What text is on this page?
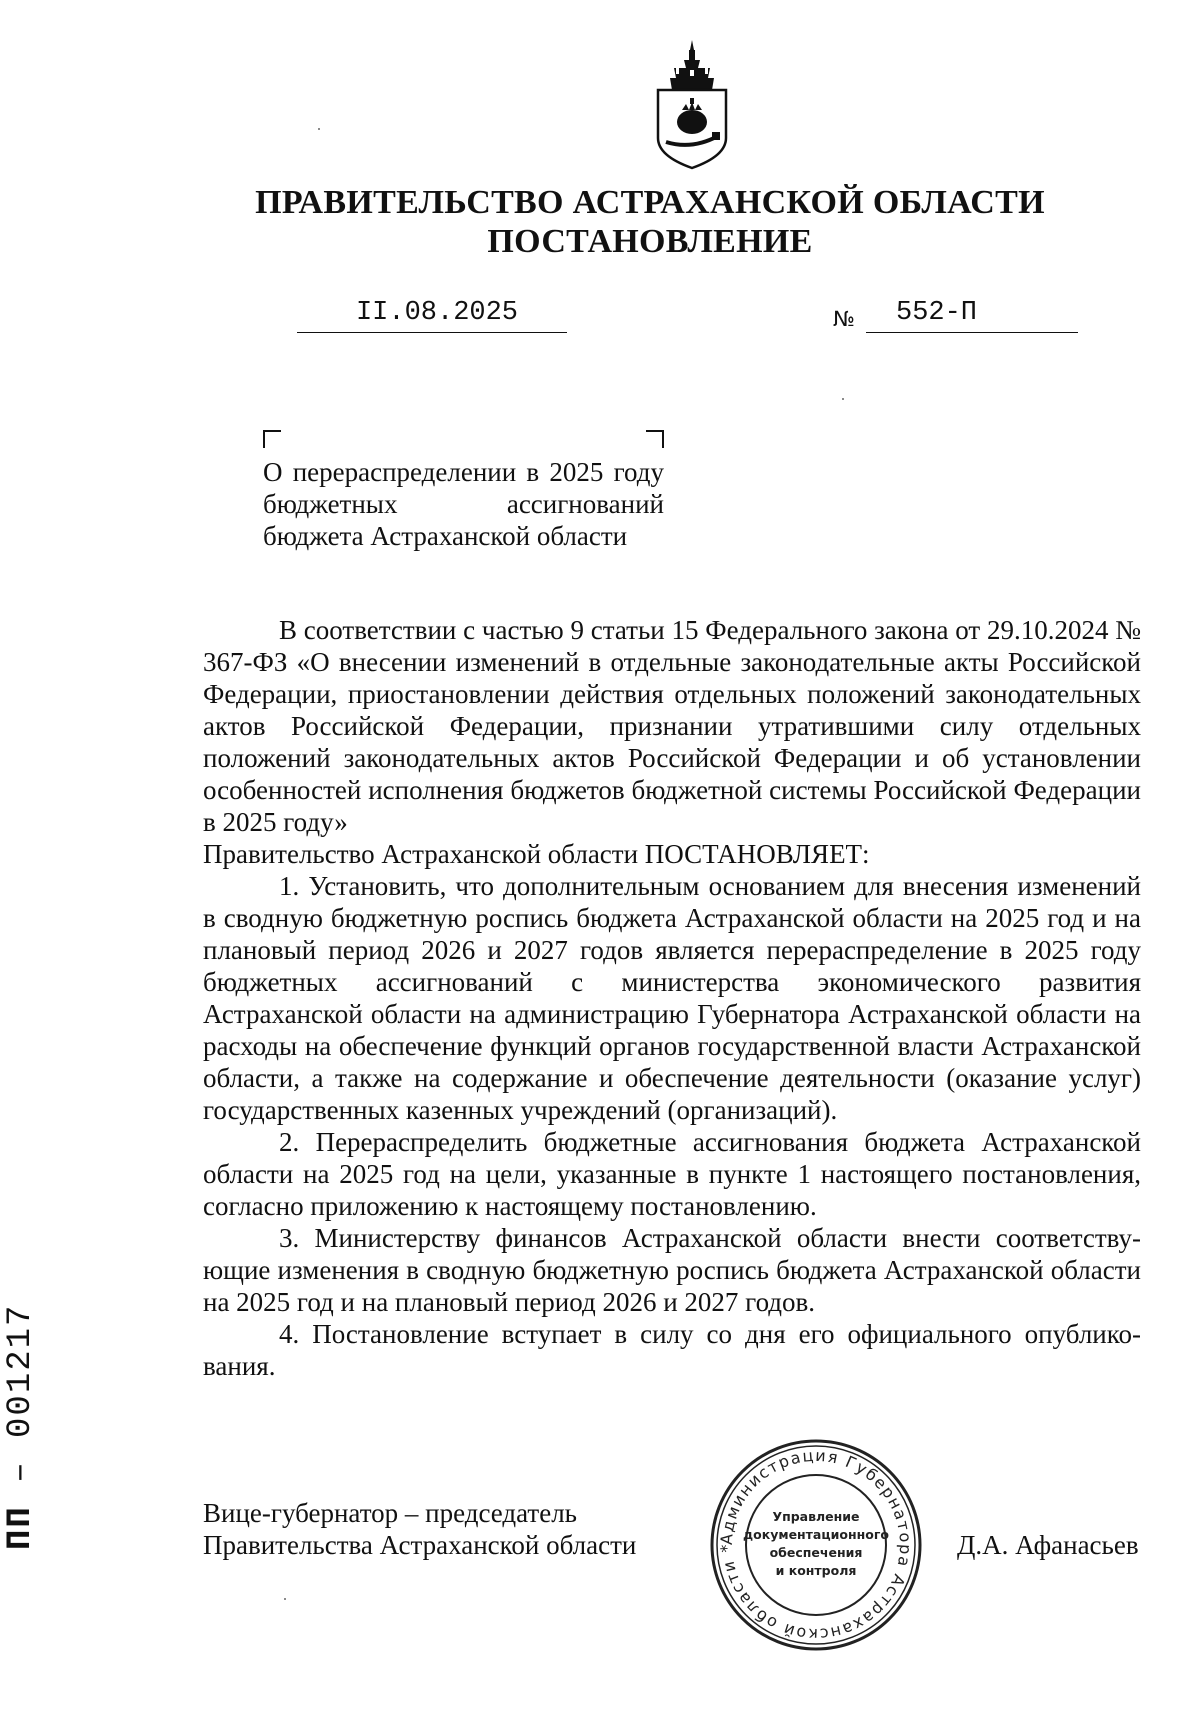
ПРАВИТЕЛЬСТВО АСТРАХАНСКОЙ ОБЛАСТИ
ПОСТАНОВЛЕНИЕ
II.08.2025	№	552-П
О перераспределении в 2025 году бюджетных ассигнований бюджета Астраханской области

В соответствии с частью 9 статьи 15 Федерального закона от 29.10.2024 № 367-ФЗ «О внесении изменений в отдельные законодательные акты Российской Федерации, приостановлении действия отдельных положений законодательных актов Российской Федерации, признании утратившими силу отдельных положений законодательных актов Российской Федерации и об установлении особенностей исполнения бюджетов бюджетной системы Российской Федерации в 2025 году»

Правительство Астраханской области ПОСТАНОВЛЯЕТ:

1. Установить, что дополнительным основанием для внесения изменений в сводную бюджетную роспись бюджета Астраханской области на 2025 год и на плановый период 2026 и 2027 годов является перераспределение в 2025 году бюджетных ассигнований с министерства экономического развития Астраханской области на администрацию Губернатора Астраханской области на расходы на обеспечение функций органов государственной власти Астраханской области, а также на содержание и обеспечение деятельности (оказание услуг) государственных казенных учреждений (организаций).

2. Перераспределить бюджетные ассигнования бюджета Астраханской области на 2025 год на цели, указанные в пункте 1 настоящего постановления, согласно приложению к настоящему постановлению.

3. Министерству финансов Астраханской области внести соответствующие изменения в сводную бюджетную роспись бюджета Астраханской области на 2025 год и на плановый период 2026 и 2027 годов.

4. Постановление вступает в силу со дня его официального опубликования.

Вице-губернатор – председатель
Правительства Астраханской области	Администрация Губернатора Астраханской области *
Управление
документационного
обеспечения
и контроля
Д.А. Афанасьев
ПП – 001217
